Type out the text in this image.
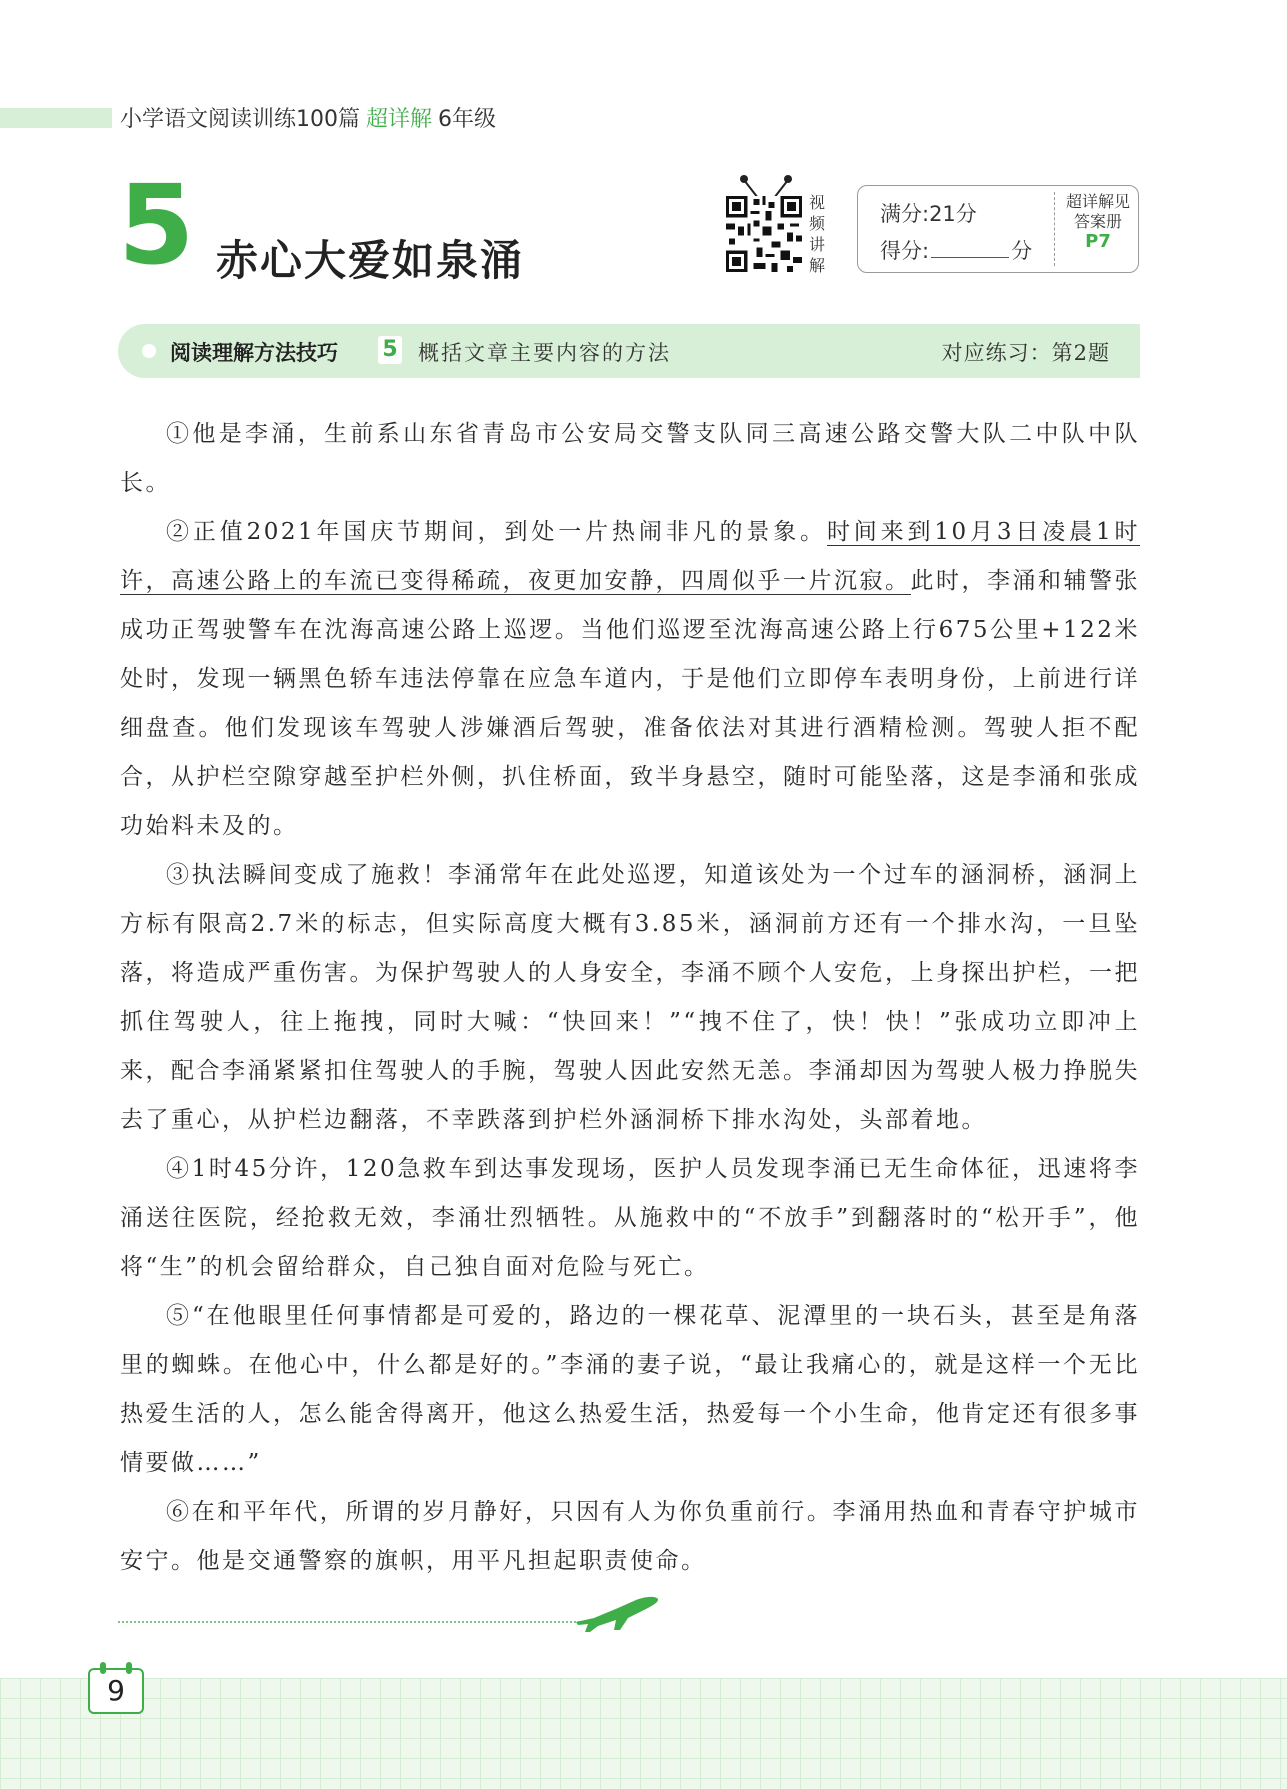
小学语文阅读训练100篇 超详解 6年级
5 赤心大爱如泉涌
视
频
讲
解
满分:21分
得分:	分
超详解见
答案册
P7
阅读理解方法技巧 5 概括文章主要内容的方法	对应练习：第2题

①他是李涌，生前系山东省青岛市公安局交警支队同三高速公路交警大队二中队中队长。

②正值2021年国庆节期间，到处一片热闹非凡的景象。时间来到10月3日凌晨1时许，高速公路上的车流已变得稀疏，夜更加安静，四周似乎一片沉寂。此时，李涌和辅警张成功正驾驶警车在沈海高速公路上巡逻。当他们巡逻至沈海高速公路上行675公里+122米处时，发现一辆黑色轿车违法停靠在应急车道内，于是他们立即停车表明身份，上前进行详细盘查。他们发现该车驾驶人涉嫌酒后驾驶，准备依法对其进行酒精检测。驾驶人拒不配合，从护栏空隙穿越至护栏外侧，扒住桥面，致半身悬空，随时可能坠落，这是李涌和张成功始料未及的。

③执法瞬间变成了施救！李涌常年在此处巡逻，知道该处为一个过车的涵洞桥，涵洞上方标有限高2.7米的标志，但实际高度大概有3.85米，涵洞前方还有一个排水沟，一旦坠落，将造成严重伤害。为保护驾驶人的人身安全，李涌不顾个人安危，上身探出护栏，一把抓住驾驶人，往上拖拽，同时大喊：“快回来！”“拽不住了，快！快！”张成功立即冲上来，配合李涌紧紧扣住驾驶人的手腕，驾驶人因此安然无恙。李涌却因为驾驶人极力挣脱失去了重心，从护栏边翻落，不幸跌落到护栏外涵洞桥下排水沟处，头部着地。

④1时45分许，120急救车到达事发现场，医护人员发现李涌已无生命体征，迅速将李涌送往医院，经抢救无效，李涌壮烈牺牲。从施救中的“不放手”到翻落时的“松开手”，他将“生”的机会留给群众，自己独自面对危险与死亡。

⑤“在他眼里任何事情都是可爱的，路边的一棵花草、泥潭里的一块石头，甚至是角落里的蜘蛛。在他心中，什么都是好的。”李涌的妻子说，“最让我痛心的，就是这样一个无比热爱生活的人，怎么能舍得离开，他这么热爱生活，热爱每一个小生命，他肯定还有很多事情要做……”

⑥在和平年代，所谓的岁月静好，只因有人为你负重前行。李涌用热血和青春守护城市安宁。他是交通警察的旗帜，用平凡担起职责使命。

9
